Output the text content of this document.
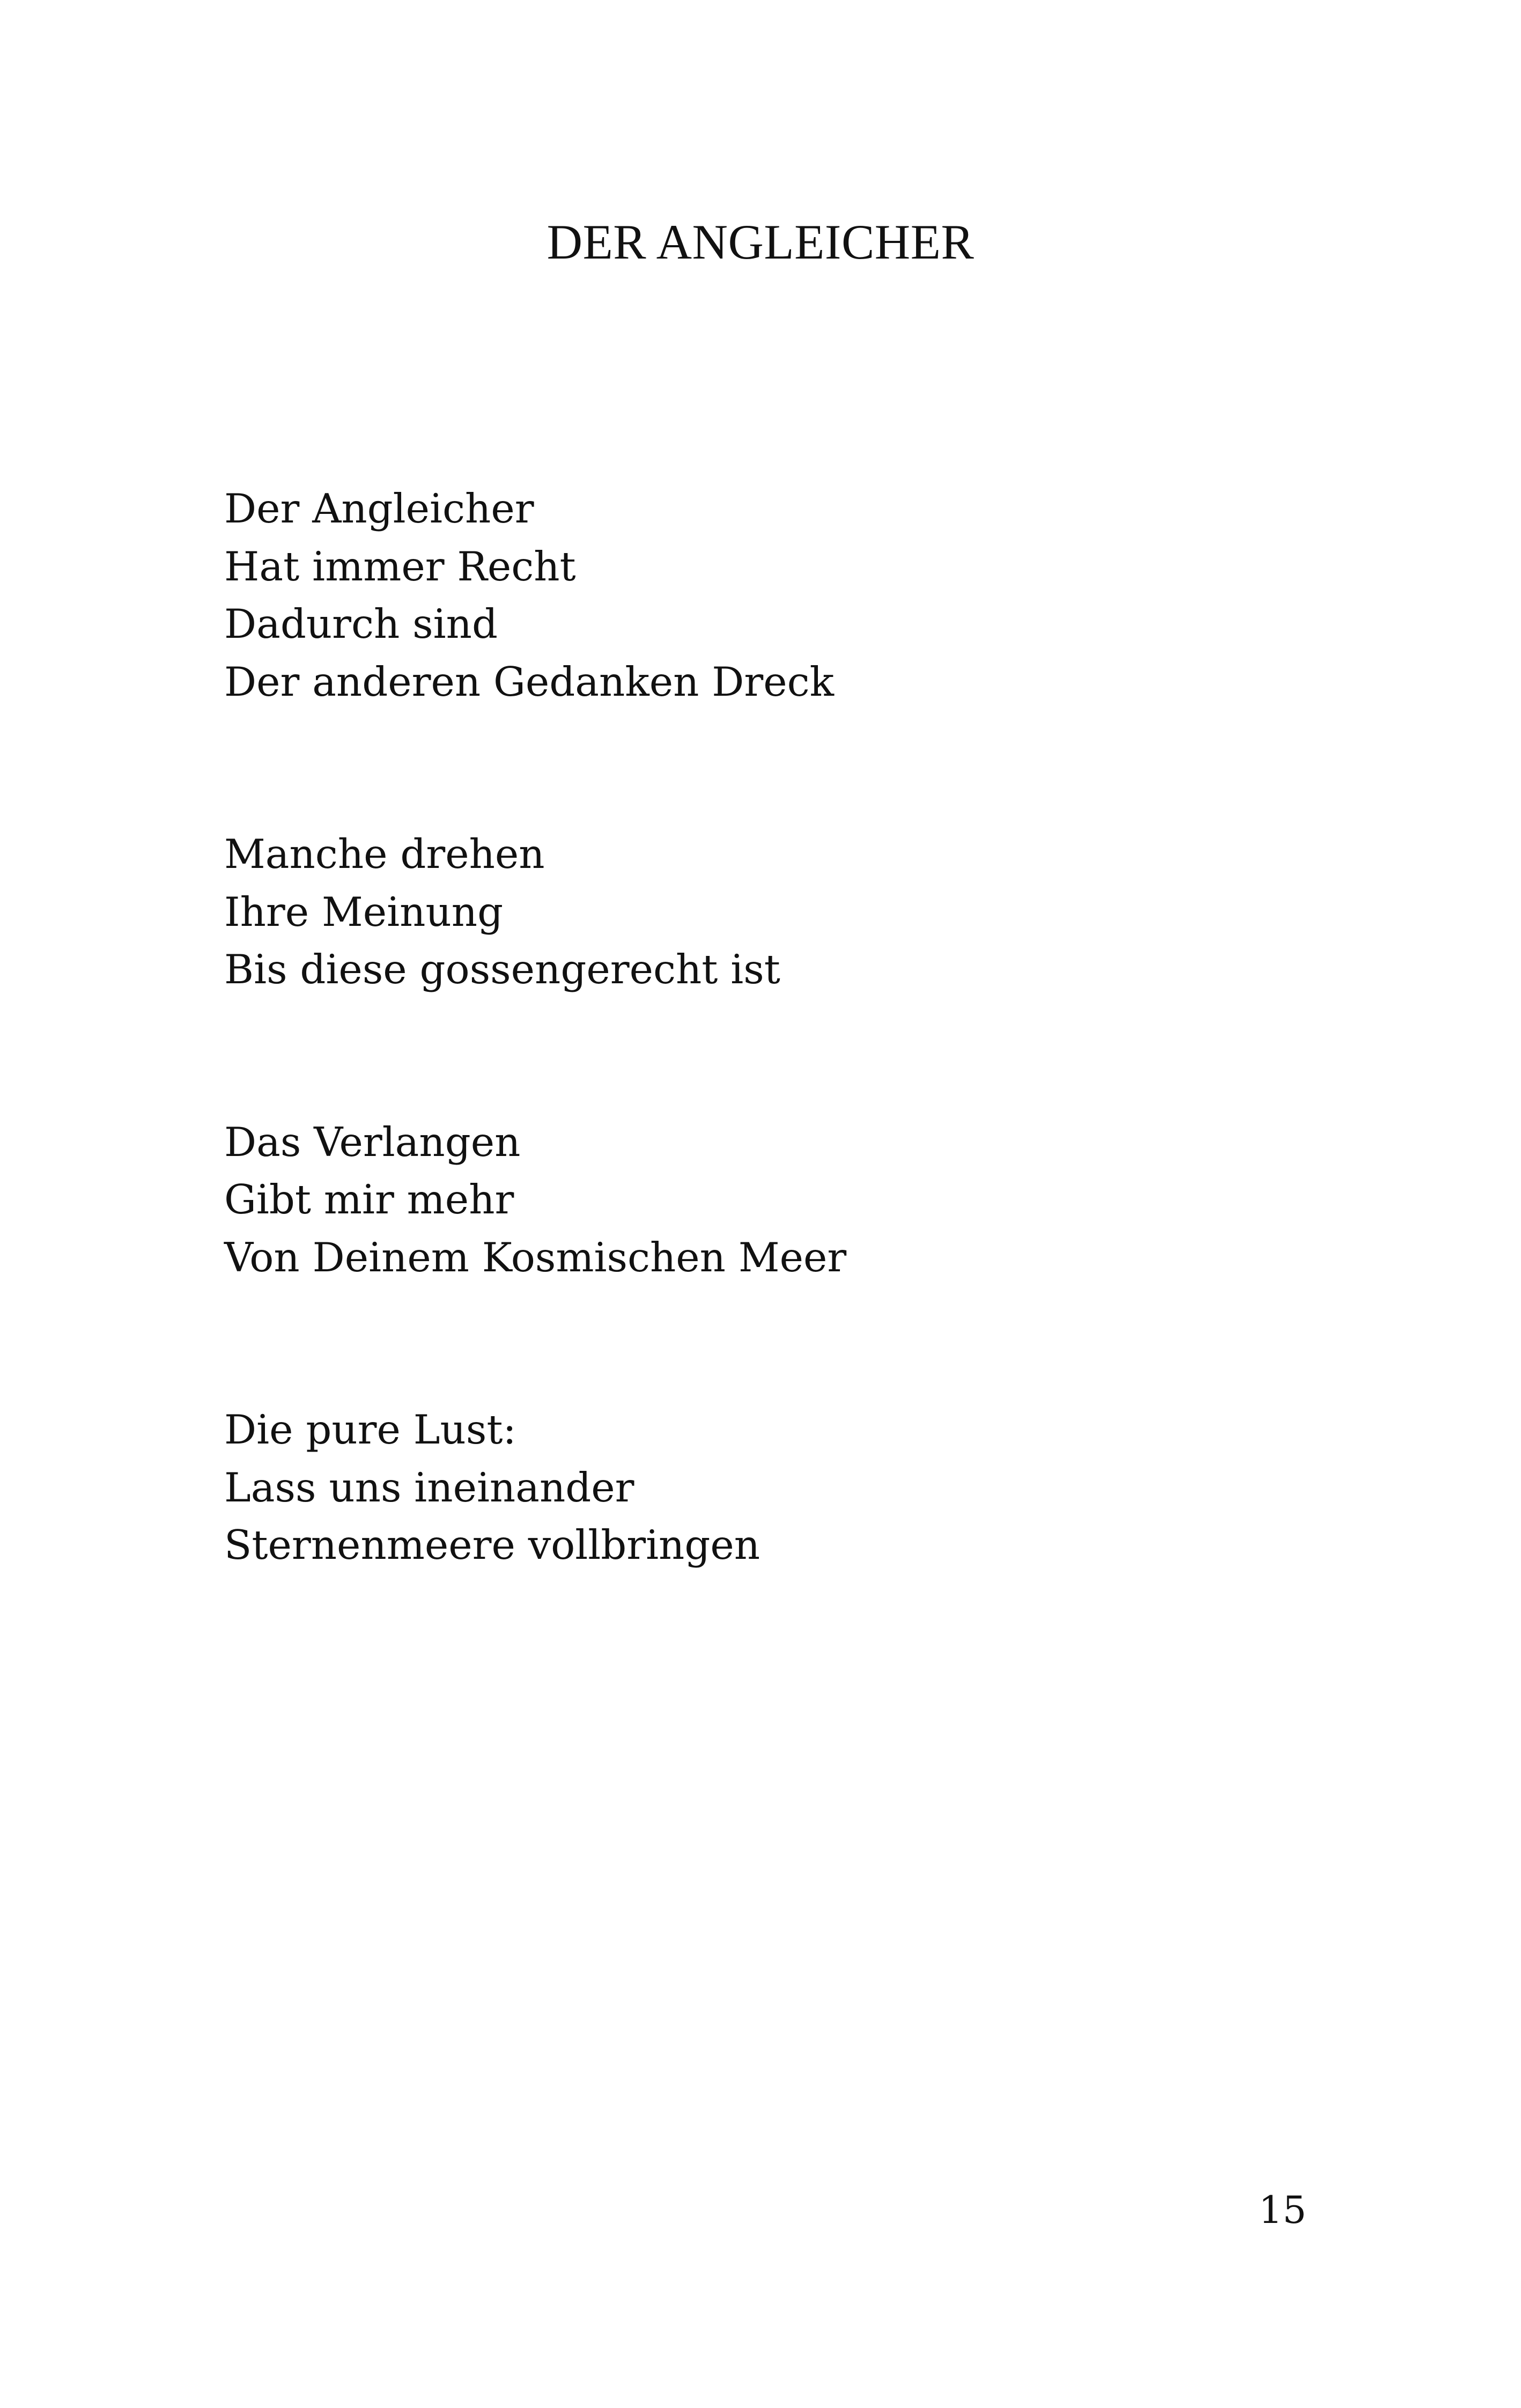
DER ANGLEICHER

Der Angleicher
Hat immer Recht
Dadurch sind
Der anderen Gedanken Dreck

Manche drehen
Ihre Meinung
Bis diese gossengerecht ist

Das Verlangen
Gibt mir mehr
Von Deinem Kosmischen Meer

Die pure Lust:
Lass uns ineinander
Sternenmeere vollbringen

15
